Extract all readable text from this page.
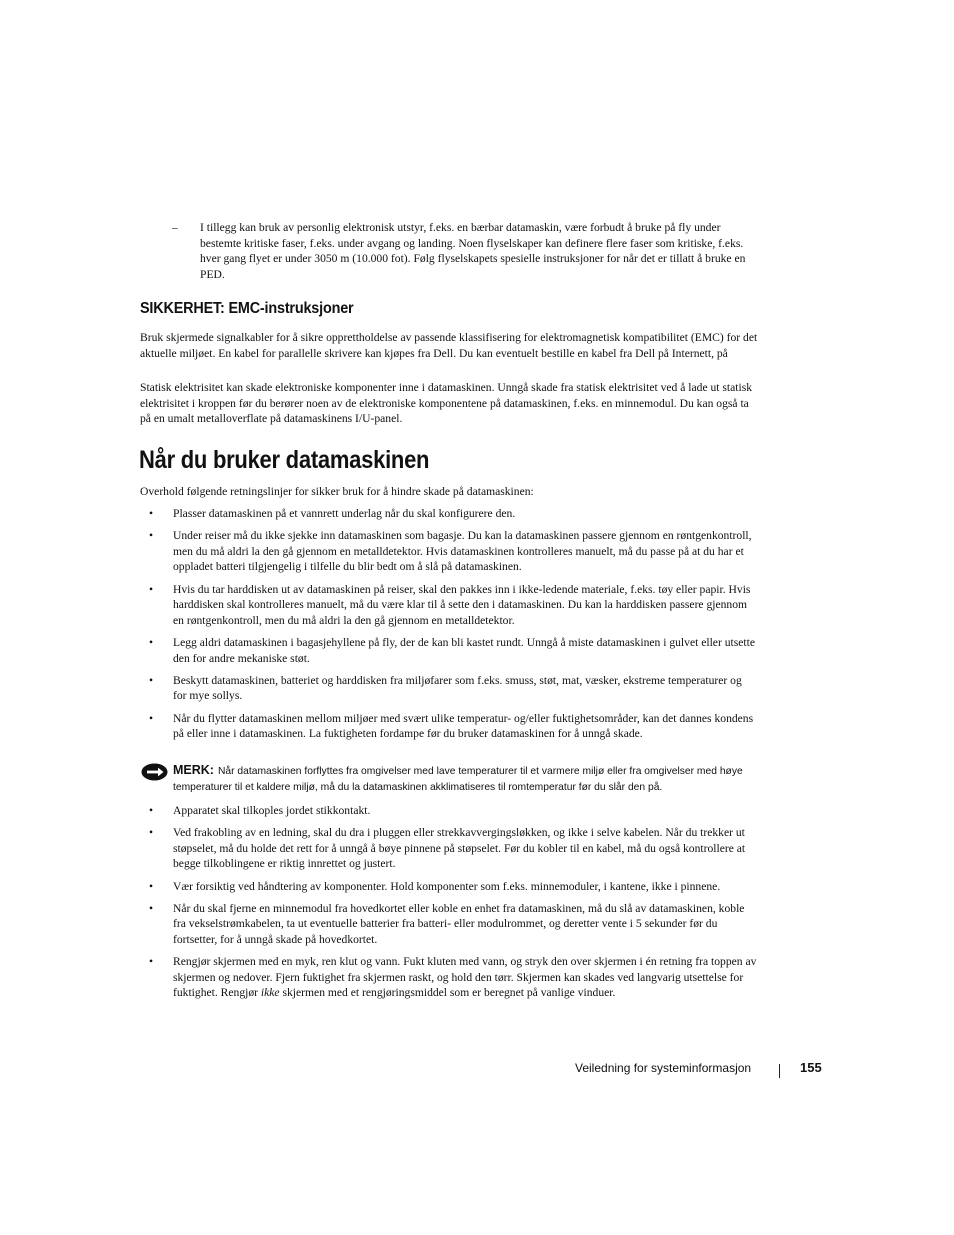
– I tillegg kan bruk av personlig elektronisk utstyr, f.eks. en bærbar datamaskin, være forbudt å bruke på fly under bestemte kritiske faser, f.eks. under avgang og landing. Noen flyselskaper kan definere flere faser som kritiske, f.eks. hver gang flyet er under 3050 m (10.000 fot). Følg flyselskapets spesielle instruksjoner for når det er tillatt å bruke en PED.
SIKKERHET: EMC-instruksjoner
Bruk skjermede signalkabler for å sikre opprettholdelse av passende klassifisering for elektromagnetisk kompatibilitet (EMC) for det aktuelle miljøet. En kabel for parallelle skrivere kan kjøpes fra Dell. Du kan eventuelt bestille en kabel fra Dell på Internett, på
Statisk elektrisitet kan skade elektroniske komponenter inne i datamaskinen. Unngå skade fra statisk elektrisitet ved å lade ut statisk elektrisitet i kroppen før du berører noen av de elektroniske komponentene på datamaskinen, f.eks. en minnemodul. Du kan også ta på en umalt metalloverflate på datamaskinens I/U-panel.
Når du bruker datamaskinen
Overhold følgende retningslinjer for sikker bruk for å hindre skade på datamaskinen:
• Plasser datamaskinen på et vannrett underlag når du skal konfigurere den.
• Under reiser må du ikke sjekke inn datamaskinen som bagasje. Du kan la datamaskinen passere gjennom en røntgenkontroll, men du må aldri la den gå gjennom en metalldetektor. Hvis datamaskinen kontrolleres manuelt, må du passe på at du har et oppladet batteri tilgjengelig i tilfelle du blir bedt om å slå på datamaskinen.
• Hvis du tar harddisken ut av datamaskinen på reiser, skal den pakkes inn i ikke-ledende materiale, f.eks. tøy eller papir. Hvis harddisken skal kontrolleres manuelt, må du være klar til å sette den i datamaskinen. Du kan la harddisken passere gjennom en røntgenkontroll, men du må aldri la den gå gjennom en metalldetektor.
• Legg aldri datamaskinen i bagasjehyllene på fly, der de kan bli kastet rundt. Unngå å miste datamaskinen i gulvet eller utsette den for andre mekaniske støt.
• Beskytt datamaskinen, batteriet og harddisken fra miljøfarer som f.eks. smuss, støt, mat, væsker, ekstreme temperaturer og for mye sollys.
• Når du flytter datamaskinen mellom miljøer med svært ulike temperatur- og/eller fuktighetsområder, kan det dannes kondens på eller inne i datamaskinen. La fuktigheten fordampe før du bruker datamaskinen for å unngå skade.
MERK: Når datamaskinen forflyttes fra omgivelser med lave temperaturer til et varmere miljø eller fra omgivelser med høye temperaturer til et kaldere miljø, må du la datamaskinen akklimatiseres til romtemperatur før du slår den på.
• Apparatet skal tilkoples jordet stikkontakt.
• Ved frakobling av en ledning, skal du dra i pluggen eller strekkavvergingsløkken, og ikke i selve kabelen. Når du trekker ut støpselet, må du holde det rett for å unngå å bøye pinnene på støpselet. Før du kobler til en kabel, må du også kontrollere at begge tilkoblingene er riktig innrettet og justert.
• Vær forsiktig ved håndtering av komponenter. Hold komponenter som f.eks. minnemoduler, i kantene, ikke i pinnene.
• Når du skal fjerne en minnemodul fra hovedkortet eller koble en enhet fra datamaskinen, må du slå av datamaskinen, koble fra vekselstrømkabelen, ta ut eventuelle batterier fra batteri- eller modulrommet, og deretter vente i 5 sekunder før du fortsetter, for å unngå skade på hovedkortet.
• Rengjør skjermen med en myk, ren klut og vann. Fukt kluten med vann, og stryk den over skjermen i én retning fra toppen av skjermen og nedover. Fjern fuktighet fra skjermen raskt, og hold den tørr. Skjermen kan skades ved langvarig utsettelse for fuktighet. Rengjør ikke skjermen med et rengjøringsmiddel som er beregnet på vanlige vinduer.
Veiledning for systeminformasjon	155
